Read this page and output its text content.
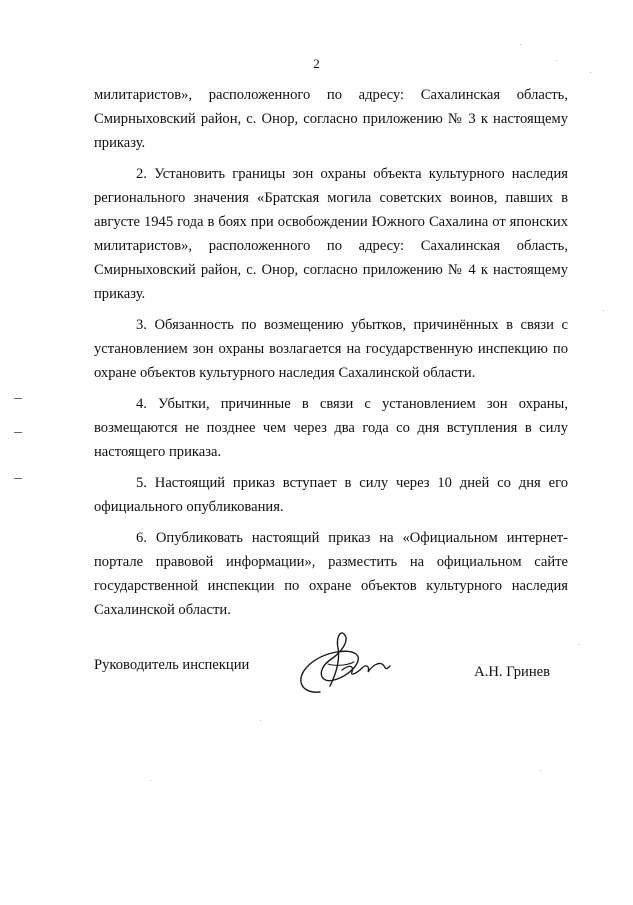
2

милитаристов», расположенного по адресу: Сахалинская область, Смирныховский район, с. Онор, согласно приложению № 3 к настоящему приказу.

2. Установить границы зон охраны объекта культурного наследия регионального значения «Братская могила советских воинов, павших в августе 1945 года в боях при освобождении Южного Сахалина от японских милитаристов», расположенного по адресу: Сахалинская область, Смирныховский район, с. Онор, согласно приложению № 4 к настоящему приказу.

3. Обязанность по возмещению убытков, причинённых в связи с установлением зон охраны возлагается на государственную инспекцию по охране объектов культурного наследия Сахалинской области.

4. Убытки, причинные в связи с установлением зон охраны, возмещаются не позднее чем через два года со дня вступления в силу настоящего приказа.

5. Настоящий приказ вступает в силу через 10 дней со дня его официального опубликования.

6. Опубликовать настоящий приказ на «Официальном интернет-портале правовой информации», разместить на официальном сайте государственной инспекции по охране объектов культурного наследия Сахалинской области.

Руководитель инспекции	А.Н. Гринев
